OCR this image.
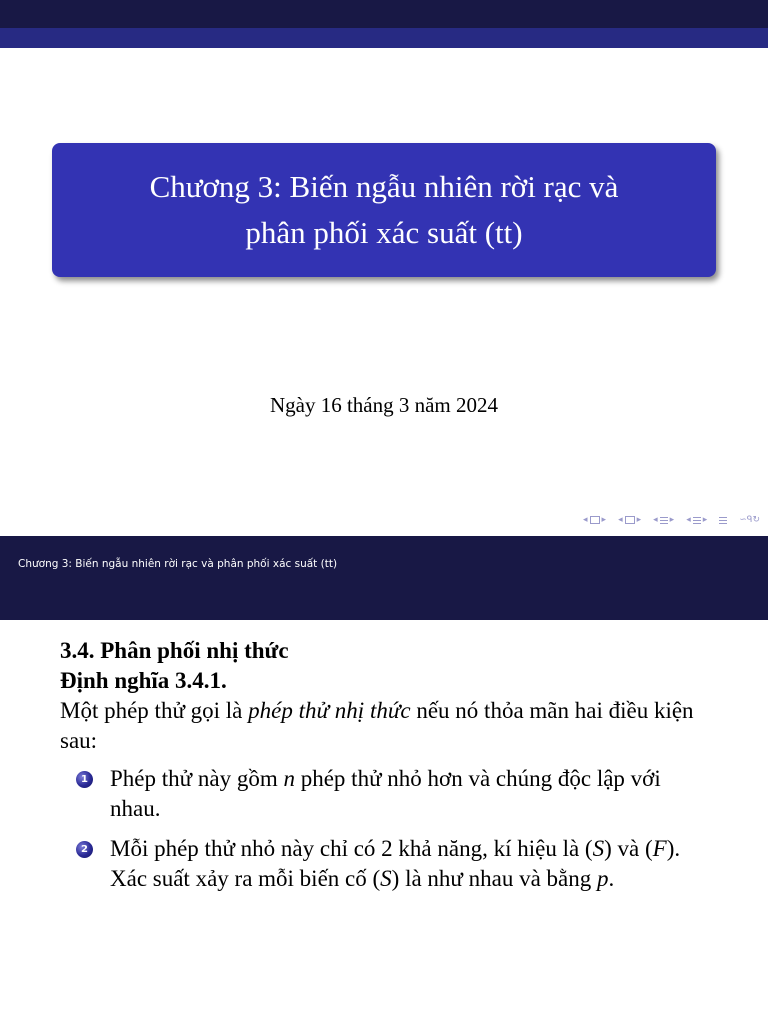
Chương 3: Biến ngẫu nhiên rời rạc và
phân phối xác suất (tt)
Ngày 16 tháng 3 năm 2024
◂ ▸ ◂ ▸ ◂ ▸ ◂ ▸	∽ᑫ↻
Chương 3: Biến ngẫu nhiên rời rạc và phân phối xác suất (tt)
3.4. Phân phối nhị thức
Định nghĩa 3.4.1.
Một phép thử gọi là phép thử nhị thức nếu nó thỏa mãn hai điều kiện sau:
1 Phép thử này gồm n phép thử nhỏ hơn và chúng độc lập với nhau.
2 Mỗi phép thử nhỏ này chỉ có 2 khả năng, kí hiệu là (S) và (F). Xác suất xảy ra mỗi biến cố (S) là như nhau và bằng p.
